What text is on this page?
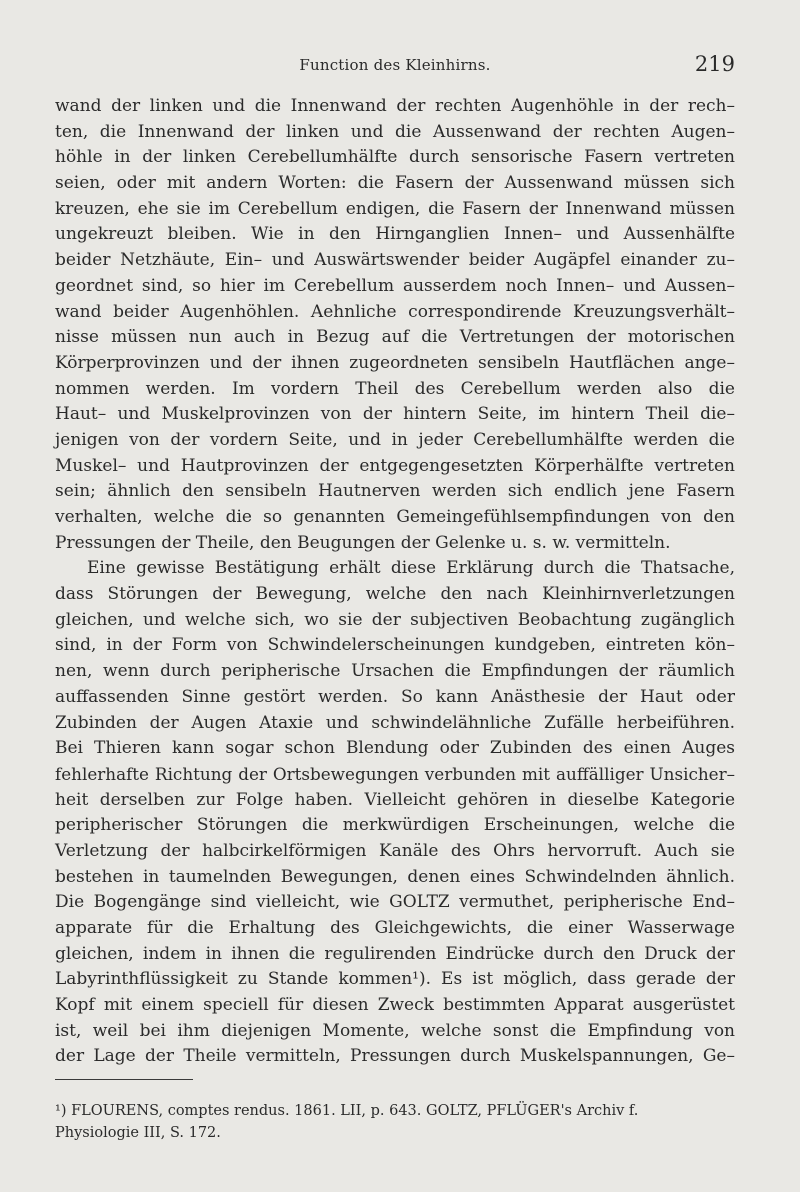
Function des Kleinhirns.	219
wand der linken und die Innenwand der rechten Augenhöhle in der rech–
ten, die Innenwand der linken und die Aussenwand der rechten Augen–
höhle in der linken Cerebellumhälfte durch sensorische Fasern vertreten
seien, oder mit andern Worten: die Fasern der Aussenwand müssen sich
kreuzen, ehe sie im Cerebellum endigen, die Fasern der Innenwand müssen
ungekreuzt bleiben. Wie in den Hirnganglien Innen– und Aussenhälfte
beider Netzhäute, Ein– und Auswärtswender beider Augäpfel einander zu–
geordnet sind, so hier im Cerebellum ausserdem noch Innen– und Aussen–
wand beider Augenhöhlen. Aehnliche correspondirende Kreuzungsverhält–
nisse müssen nun auch in Bezug auf die Vertretungen der motorischen
Körperprovinzen und der ihnen zugeordneten sensibeln Hautflächen ange–
nommen werden. Im vordern Theil des Cerebellum werden also die
Haut– und Muskelprovinzen von der hintern Seite, im hintern Theil die–
jenigen von der vordern Seite, und in jeder Cerebellumhälfte werden die
Muskel– und Hautprovinzen der entgegengesetzten Körperhälfte vertreten
sein; ähnlich den sensibeln Hautnerven werden sich endlich jene Fasern
verhalten, welche die so genannten Gemeingefühlsempfindungen von den
Pressungen der Theile, den Beugungen der Gelenke u. s. w. vermitteln.
Eine gewisse Bestätigung erhält diese Erklärung durch die Thatsache,
dass Störungen der Bewegung, welche den nach Kleinhirnverletzungen
gleichen, und welche sich, wo sie der subjectiven Beobachtung zugänglich
sind, in der Form von Schwindelerscheinungen kundgeben, eintreten kön–
nen, wenn durch peripherische Ursachen die Empfindungen der räumlich
auffassenden Sinne gestört werden. So kann Anästhesie der Haut oder
Zubinden der Augen Ataxie und schwindelähnliche Zufälle herbeiführen.
Bei Thieren kann sogar schon Blendung oder Zubinden des einen Auges
fehlerhafte Richtung der Ortsbewegungen verbunden mit auffälliger Unsicher–
heit derselben zur Folge haben. Vielleicht gehören in dieselbe Kategorie
peripherischer Störungen die merkwürdigen Erscheinungen, welche die
Verletzung der halbcirkelförmigen Kanäle des Ohrs hervorruft. Auch sie
bestehen in taumelnden Bewegungen, denen eines Schwindelnden ähnlich.
Die Bogengänge sind vielleicht, wie GOLTZ vermuthet, peripherische End–
apparate für die Erhaltung des Gleichgewichts, die einer Wasserwage
gleichen, indem in ihnen die regulirenden Eindrücke durch den Druck der
Labyrinthflüssigkeit zu Stande kommen¹). Es ist möglich, dass gerade der
Kopf mit einem speciell für diesen Zweck bestimmten Apparat ausgerüstet
ist, weil bei ihm diejenigen Momente, welche sonst die Empfindung von
der Lage der Theile vermitteln, Pressungen durch Muskelspannungen, Ge–
¹) FLOURENS, comptes rendus. 1861. LII, p. 643. GOLTZ, PFLÜGER's Archiv f.
Physiologie III, S. 172.
